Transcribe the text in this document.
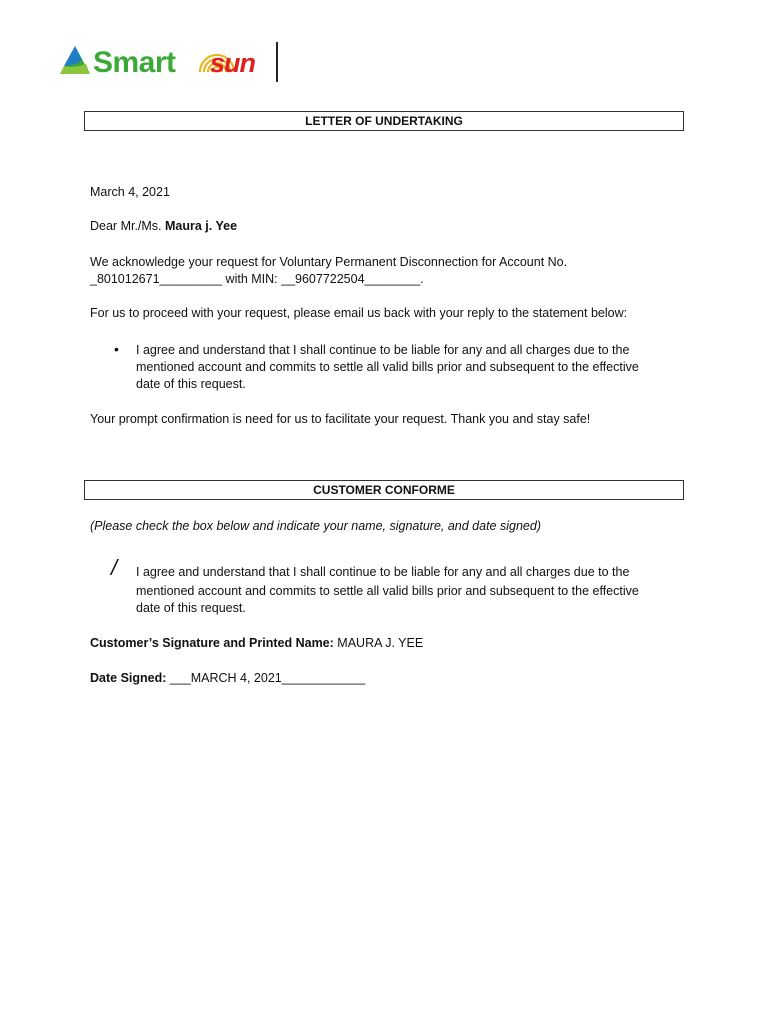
Smart sun
LETTER OF UNDERTAKING
March 4, 2021
Dear Mr./Ms. Maura j. Yee
We acknowledge your request for Voluntary Permanent Disconnection for Account No.
_801012671_________ with MIN: __9607722504________.
For us to proceed with your request, please email us back with your reply to the statement below:
• I agree and understand that I shall continue to be liable for any and all charges due to the
mentioned account and commits to settle all valid bills prior and subsequent to the effective
date of this request.
Your prompt confirmation is need for us to facilitate your request. Thank you and stay safe!
CUSTOMER CONFORME
(Please check the box below and indicate your name, signature, and date signed)
/ I agree and understand that I shall continue to be liable for any and all charges due to the
mentioned account and commits to settle all valid bills prior and subsequent to the effective
date of this request.
Customer’s Signature and Printed Name: MAURA J. YEE
Date Signed: ___MARCH 4, 2021____________
